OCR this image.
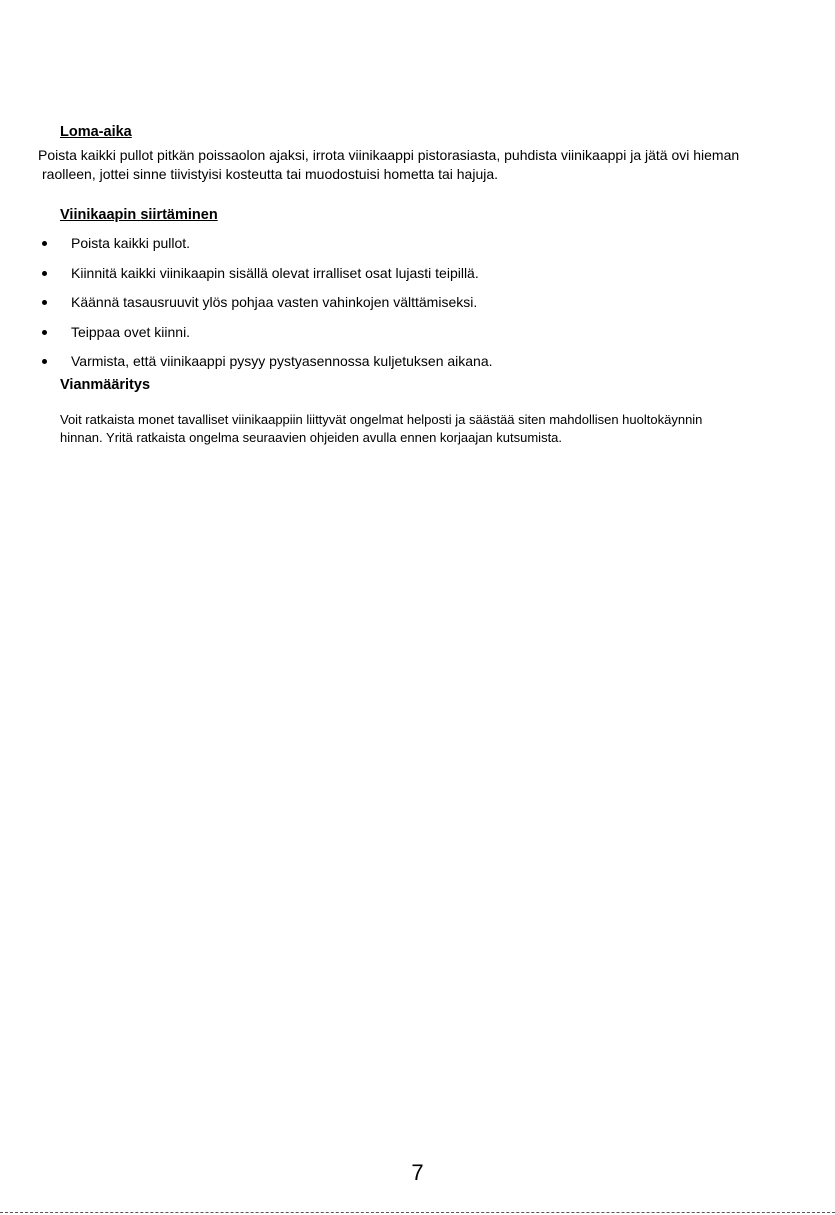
Loma-aika

Poista kaikki pullot pitkän poissaolon ajaksi, irrota viinikaappi pistorasiasta, puhdista viinikaappi ja jätä ovi hieman
raolleen, jottei sinne tiivistyisi kosteutta tai muodostuisi hometta tai hajuja.

Viinikaapin siirtäminen
Poista kaikki pullot.
Kiinnitä kaikki viinikaapin sisällä olevat irralliset osat lujasti teipillä.
Käännä tasausruuvit ylös pohjaa vasten vahinkojen välttämiseksi.
Teippaa ovet kiinni.
Varmista, että viinikaappi pysyy pystyasennossa kuljetuksen aikana.
Vianmääritys

Voit ratkaista monet tavalliset viinikaappiin liittyvät ongelmat helposti ja säästää siten mahdollisen huoltokäynnin
hinnan. Yritä ratkaista ongelma seuraavien ohjeiden avulla ennen korjaajan kutsumista.

7
